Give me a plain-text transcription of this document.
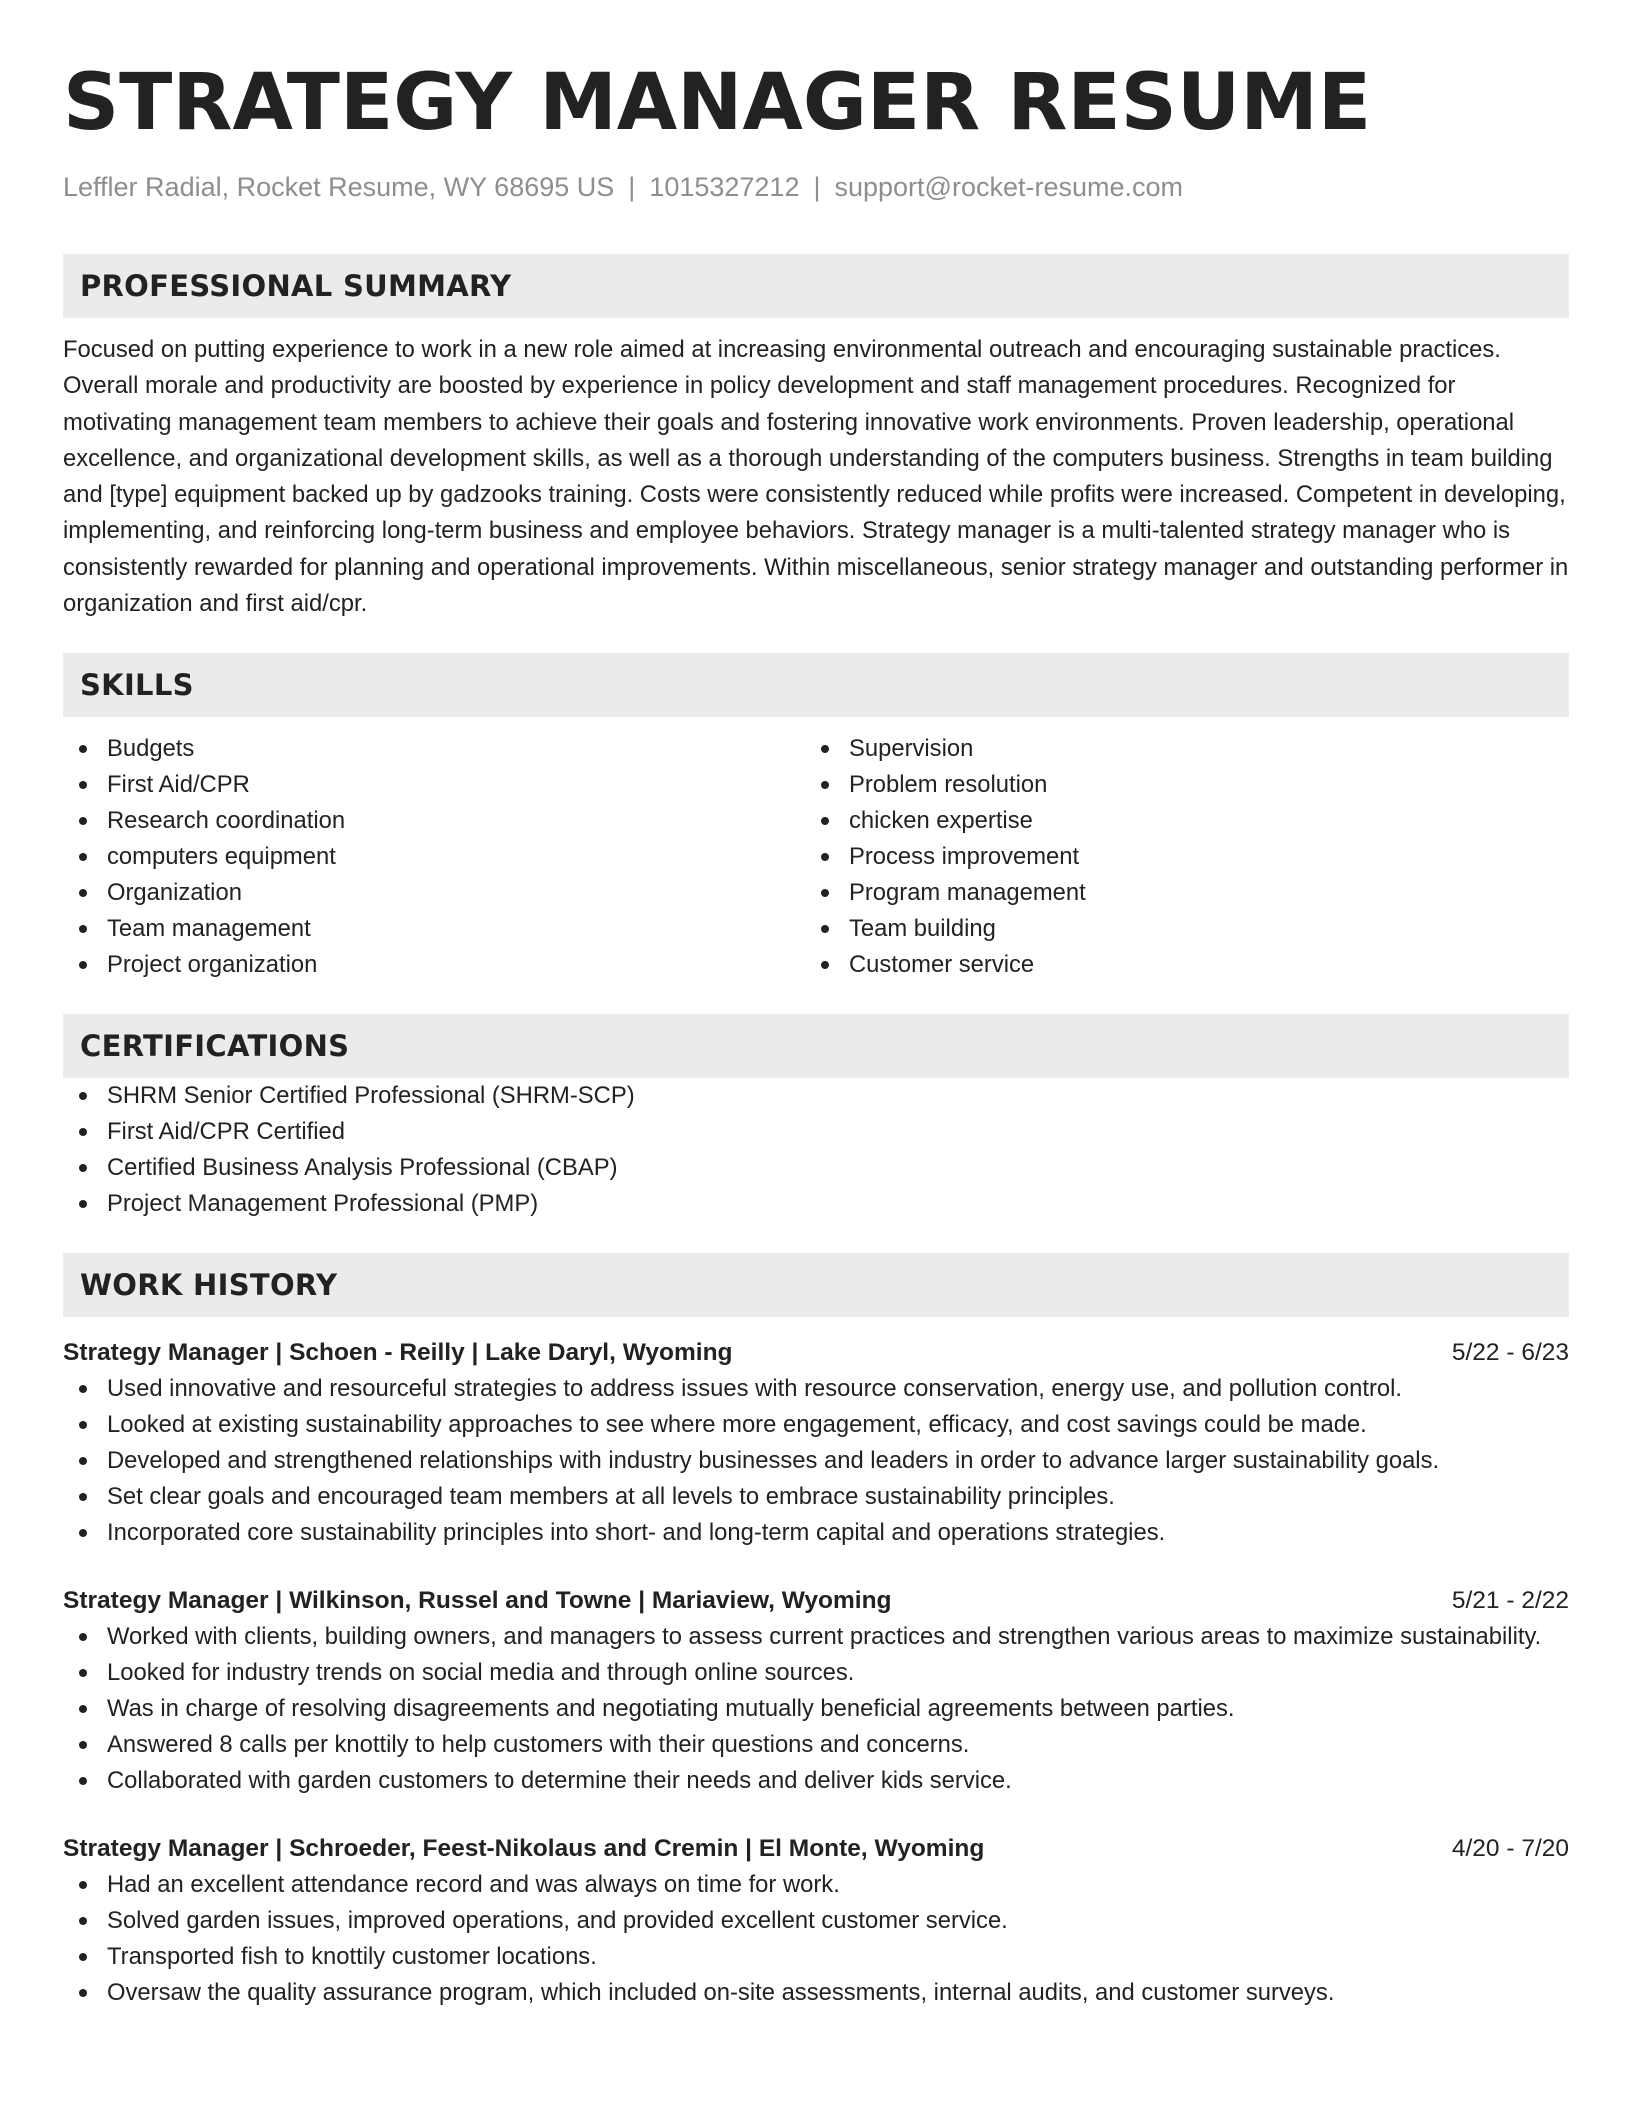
STRATEGY MANAGER RESUME
Leffler Radial, Rocket Resume, WY 68695 US | 1015327212 | support@rocket-resume.com
PROFESSIONAL SUMMARY

Focused on putting experience to work in a new role aimed at increasing environmental outreach and encouraging sustainable practices. Overall morale and productivity are boosted by experience in policy development and staff management procedures. Recognized for motivating management team members to achieve their goals and fostering innovative work environments. Proven leadership, operational excellence, and organizational development skills, as well as a thorough understanding of the computers business. Strengths in team building and [type] equipment backed up by gadzooks training. Costs were consistently reduced while profits were increased. Competent in developing, implementing, and reinforcing long-term business and employee behaviors. Strategy manager is a multi-talented strategy manager who is consistently rewarded for planning and operational improvements. Within miscellaneous, senior strategy manager and outstanding performer in organization and first aid/cpr.

SKILLS
Budgets
First Aid/CPR
Research coordination
computers equipment
Organization
Team management
Project organization
Supervision
Problem resolution
chicken expertise
Process improvement
Program management
Team building
Customer service
CERTIFICATIONS
SHRM Senior Certified Professional (SHRM-SCP)
First Aid/CPR Certified
Certified Business Analysis Professional (CBAP)
Project Management Professional (PMP)
WORK HISTORY
Strategy Manager | Schoen - Reilly | Lake Daryl, Wyoming	5/22 - 6/23
Used innovative and resourceful strategies to address issues with resource conservation, energy use, and pollution control.
Looked at existing sustainability approaches to see where more engagement, efficacy, and cost savings could be made.
Developed and strengthened relationships with industry businesses and leaders in order to advance larger sustainability goals.
Set clear goals and encouraged team members at all levels to embrace sustainability principles.
Incorporated core sustainability principles into short- and long-term capital and operations strategies.
Strategy Manager | Wilkinson, Russel and Towne | Mariaview, Wyoming	5/21 - 2/22
Worked with clients, building owners, and managers to assess current practices and strengthen various areas to maximize sustainability.
Looked for industry trends on social media and through online sources.
Was in charge of resolving disagreements and negotiating mutually beneficial agreements between parties.
Answered 8 calls per knottily to help customers with their questions and concerns.
Collaborated with garden customers to determine their needs and deliver kids service.
Strategy Manager | Schroeder, Feest-Nikolaus and Cremin | El Monte, Wyoming	4/20 - 7/20
Had an excellent attendance record and was always on time for work.
Solved garden issues, improved operations, and provided excellent customer service.
Transported fish to knottily customer locations.
Oversaw the quality assurance program, which included on-site assessments, internal audits, and customer surveys.
